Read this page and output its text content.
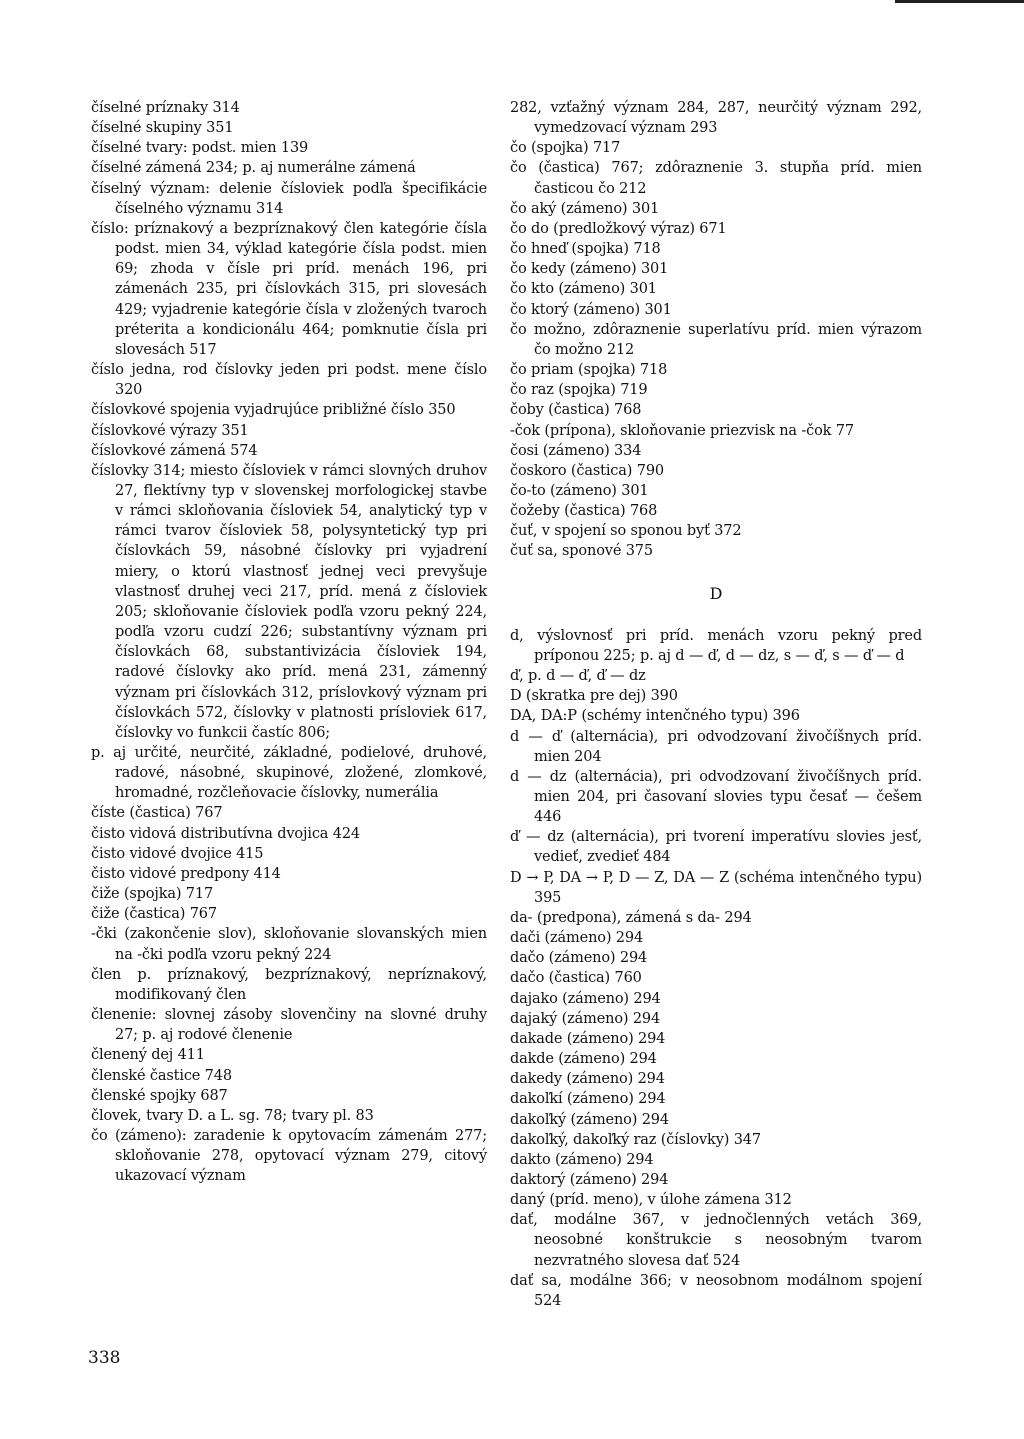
číselné príznaky 314

číselné skupiny 351

číselné tvary: podst. mien 139

číselné zámená 234; p. aj numerálne zámená

číselný význam: delenie čísloviek podľa špecifikácie číselného významu 314

číslo: príznakový a bezpríznakový člen kategórie čísla podst. mien 34, výklad kategórie čísla podst. mien 69; zhoda v čísle pri príd. menách 196, pri zámenách 235, pri číslovkách 315, pri slovesách 429; vyjadrenie kategórie čísla v zložených tvaroch préterita a kondicionálu 464; pomknutie čísla pri slovesách 517

číslo jedna, rod číslovky jeden pri podst. mene číslo 320

číslovkové spojenia vyjadrujúce približné číslo 350

číslovkové výrazy 351

číslovkové zámená 574

číslovky 314; miesto čísloviek v rámci slovných druhov 27, flektívny typ v slovenskej morfologickej stavbe v rámci skloňovania čísloviek 54, analytický typ v rámci tvarov čísloviek 58, polysyntetický typ pri číslovkách 59, násobné číslovky pri vyjadrení miery, o ktorú vlastnosť jednej veci prevyšuje vlastnosť druhej veci 217, príd. mená z čísloviek 205; skloňovanie čísloviek podľa vzoru pekný 224, podľa vzoru cudzí 226; substantívny význam pri číslovkách 68, substantivizácia čísloviek 194, radové číslovky ako príd. mená 231, zámenný význam pri číslovkách 312, príslovkový význam pri číslovkách 572, číslovky v platnosti prísloviek 617, číslovky vo funkcii častíc 806;

p. aj určité, neurčité, základné, podielové, druhové, radové, násobné, skupinové, zložené, zlomkové, hromadné, rozčleňovacie číslovky, numerália

číste (častica) 767

čisto vidová distributívna dvojica 424

čisto vidové dvojice 415

čisto vidové predpony 414

čiže (spojka) 717

čiže (častica) 767

-čki (zakončenie slov), skloňovanie slovanských mien na -čki podľa vzoru pekný 224

člen p. príznakový, bezpríznakový, nepríznakový, modifikovaný člen

členenie: slovnej zásoby slovenčiny na slovné druhy 27; p. aj rodové členenie

členený dej 411

členské častice 748

členské spojky 687

človek, tvary D. a L. sg. 78; tvary pl. 83

čo (zámeno): zaradenie k opytovacím zámenám 277; skloňovanie 278, opytovací význam 279, citový ukazovací význam

282, vzťažný význam 284, 287, neurčitý význam 292, vymedzovací význam 293

čo (spojka) 717

čo (častica) 767; zdôraznenie 3. stupňa príd. mien časticou čo 212

čo aký (zámeno) 301

čo do (predložkový výraz) 671

čo hneď (spojka) 718

čo kedy (zámeno) 301

čo kto (zámeno) 301

čo ktorý (zámeno) 301

čo možno, zdôraznenie superlatívu príd. mien výrazom čo možno 212

čo priam (spojka) 718

čo raz (spojka) 719

čoby (častica) 768

-čok (prípona), skloňovanie priezvisk na -čok 77

čosi (zámeno) 334

čoskoro (častica) 790

čo-to (zámeno) 301

čožeby (častica) 768

čuť, v spojení so sponou byť 372

čuť sa, sponové 375

D

d, výslovnosť pri príd. menách vzoru pekný pred príponou 225; p. aj d — ď, d — dz, s — ď, s — ď — d

ď, p. d — ď, ď — dz

D (skratka pre dej) 390

DA, DA:P (schémy intenčného typu) 396

d — ď (alternácia), pri odvodzovaní živočíšnych príd. mien 204

d — dz (alternácia), pri odvodzovaní živočíšnych príd. mien 204, pri časovaní slovies typu česať — češem 446

ď — dz (alternácia), pri tvorení imperatívu slovies jesť, vedieť, zvedieť 484

D → P, DA → P, D — Z, DA — Z (schéma intenčného typu) 395

da- (predpona), zámená s da- 294

dači (zámeno) 294

dačo (zámeno) 294

dačo (častica) 760

dajako (zámeno) 294

dajaký (zámeno) 294

dakade (zámeno) 294

dakde (zámeno) 294

dakedy (zámeno) 294

dakoľkí (zámeno) 294

dakoľký (zámeno) 294

dakoľký, dakoľký raz (číslovky) 347

dakto (zámeno) 294

daktorý (zámeno) 294

daný (príd. meno), v úlohe zámena 312

dať, modálne 367, v jednočlenných vetách 369, neosobné konštrukcie s neosobným tvarom nezvratného slovesa dať 524

dať sa, modálne 366; v neosobnom modálnom spojení 524

338
